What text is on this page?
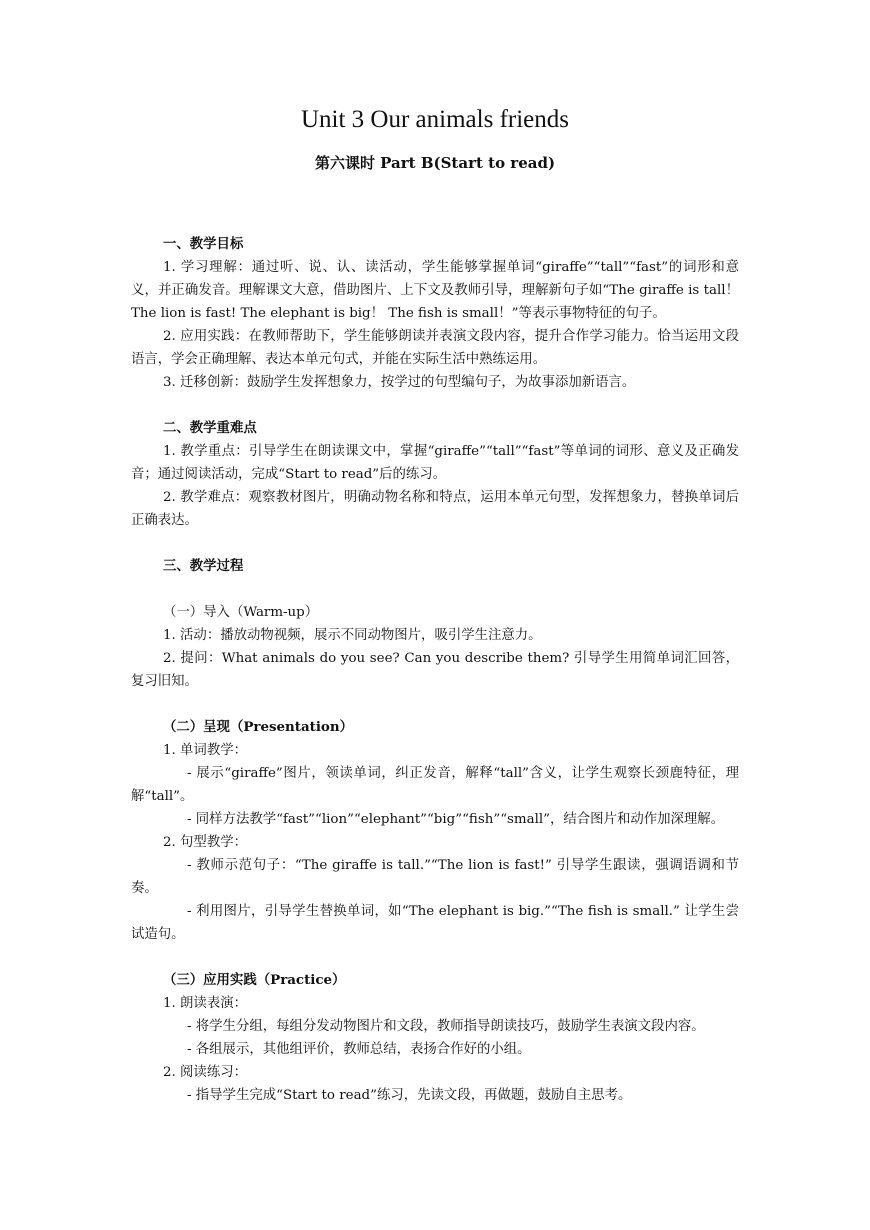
Unit 3 Our animals friends
第六课时 Part B(Start to read)

一、教学目标

1. 学习理解：通过听、说、认、读活动，学生能够掌握单词“giraffe”“tall”“fast”的词形和意义，并正确发音。理解课文大意，借助图片、上下文及教师引导，理解新句子如“The giraffe is tall！ The lion is fast! The elephant is big！ The fish is small！”等表示事物特征的句子。

2. 应用实践：在教师帮助下，学生能够朗读并表演文段内容，提升合作学习能力。恰当运用文段语言，学会正确理解、表达本单元句式，并能在实际生活中熟练运用。

3. 迁移创新：鼓励学生发挥想象力，按学过的句型编句子，为故事添加新语言。

二、教学重难点

1. 教学重点：引导学生在朗读课文中，掌握“giraffe”“tall”“fast”等单词的词形、意义及正确发音；通过阅读活动，完成“Start to read”后的练习。

2. 教学难点：观察教材图片，明确动物名称和特点，运用本单元句型，发挥想象力，替换单词后正确表达。

三、教学过程

（一）导入（Warm-up）

1. 活动：播放动物视频，展示不同动物图片，吸引学生注意力。

2. 提问：What animals do you see? Can you describe them? 引导学生用简单词汇回答，复习旧知。

（二）呈现（Presentation）

1. 单词教学：

- 展示“giraffe”图片，领读单词，纠正发音，解释“tall”含义，让学生观察长颈鹿特征，理解“tall”。

- 同样方法教学“fast”“lion”“elephant”“big”“fish”“small”，结合图片和动作加深理解。

2. 句型教学：

- 教师示范句子：“The giraffe is tall.”“The lion is fast!” 引导学生跟读，强调语调和节奏。

- 利用图片，引导学生替换单词，如“The elephant is big.”“The fish is small.” 让学生尝试造句。

（三）应用实践（Practice）

1. 朗读表演：

- 将学生分组，每组分发动物图片和文段，教师指导朗读技巧，鼓励学生表演文段内容。

- 各组展示，其他组评价，教师总结，表扬合作好的小组。

2. 阅读练习：

- 指导学生完成“Start to read”练习，先读文段，再做题，鼓励自主思考。
